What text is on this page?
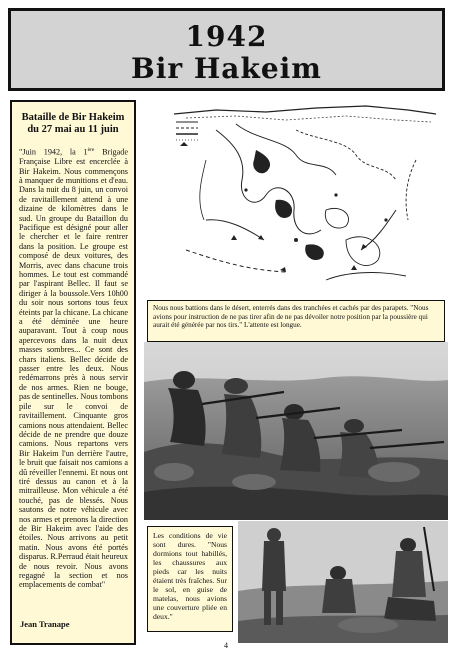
1942
Bir Hakeim
Bataille de Bir Hakeim
du 27 mai au 11 juin
"Juin 1942, la 1ère Brigade Française Libre est encerclée à Bir Hakeim. Nous commençons à manquer de munitions et d'eau. Dans la nuit du 8 juin, un convoi de ravitaillement attend à une dizaine de kilomètres dans le sud. Un groupe du Bataillon du Pacifique est désigné pour aller le chercher et le faire rentrer dans la position. Le groupe est composé de deux voitures, des Morris, avec dans chacune trois hommes. Le tout est commandé par l'aspirant Bellec. Il faut se diriger à la boussole.Vers 10h00 du soir nous sortons tous feux éteints par la chicane. La chicane a été déminée une heure auparavant. Tout à coup nous apercevons dans la nuit deux masses sombres... Ce sont des chars italiens. Bellec décide de passer entre les deux. Nous redémarrons près à nous servir de nos armes. Rien ne bouge, pas de sentinelles. Nous tombons pile sur le convoi de ravitaillement. Cinquante gros camions nous attendaient. Bellec décide de ne prendre que douze camions. Nous repartons vers Bir Hakeim l'un derrière l'autre, le bruit que faisait nos camions a dû réveiller l'ennemi. Et nous ont tiré dessus au canon et à la mitrailleuse. Mon véhicule a été touché, pas de blessés. Nous sautons de notre véhicule avec nos armes et prenons la direction de Bir Hakeim avec l'aide des étoiles. Nous arrivons au petit matin. Nous avons été portés disparus. R.Perraud était heureux de nous revoir. Nous avons regagné la section et nos emplacements de combat"
Jean Tranape
Nous nous battions dans le désert, enterrés dans des tranchées et cachés par des parapets. "Nous avions pour instruction de ne pas tirer afin de ne pas dévoiler notre position par la poussière qui aurait été générée par nos tirs." L'attente est longue.
Les conditions de vie sont dures. "Nous dormions tout habillés, les chaussures aux pieds car les nuits étaient très fraîches. Sur le sol, en guise de matelas, nous avions une couverture pliée en deux."
4
